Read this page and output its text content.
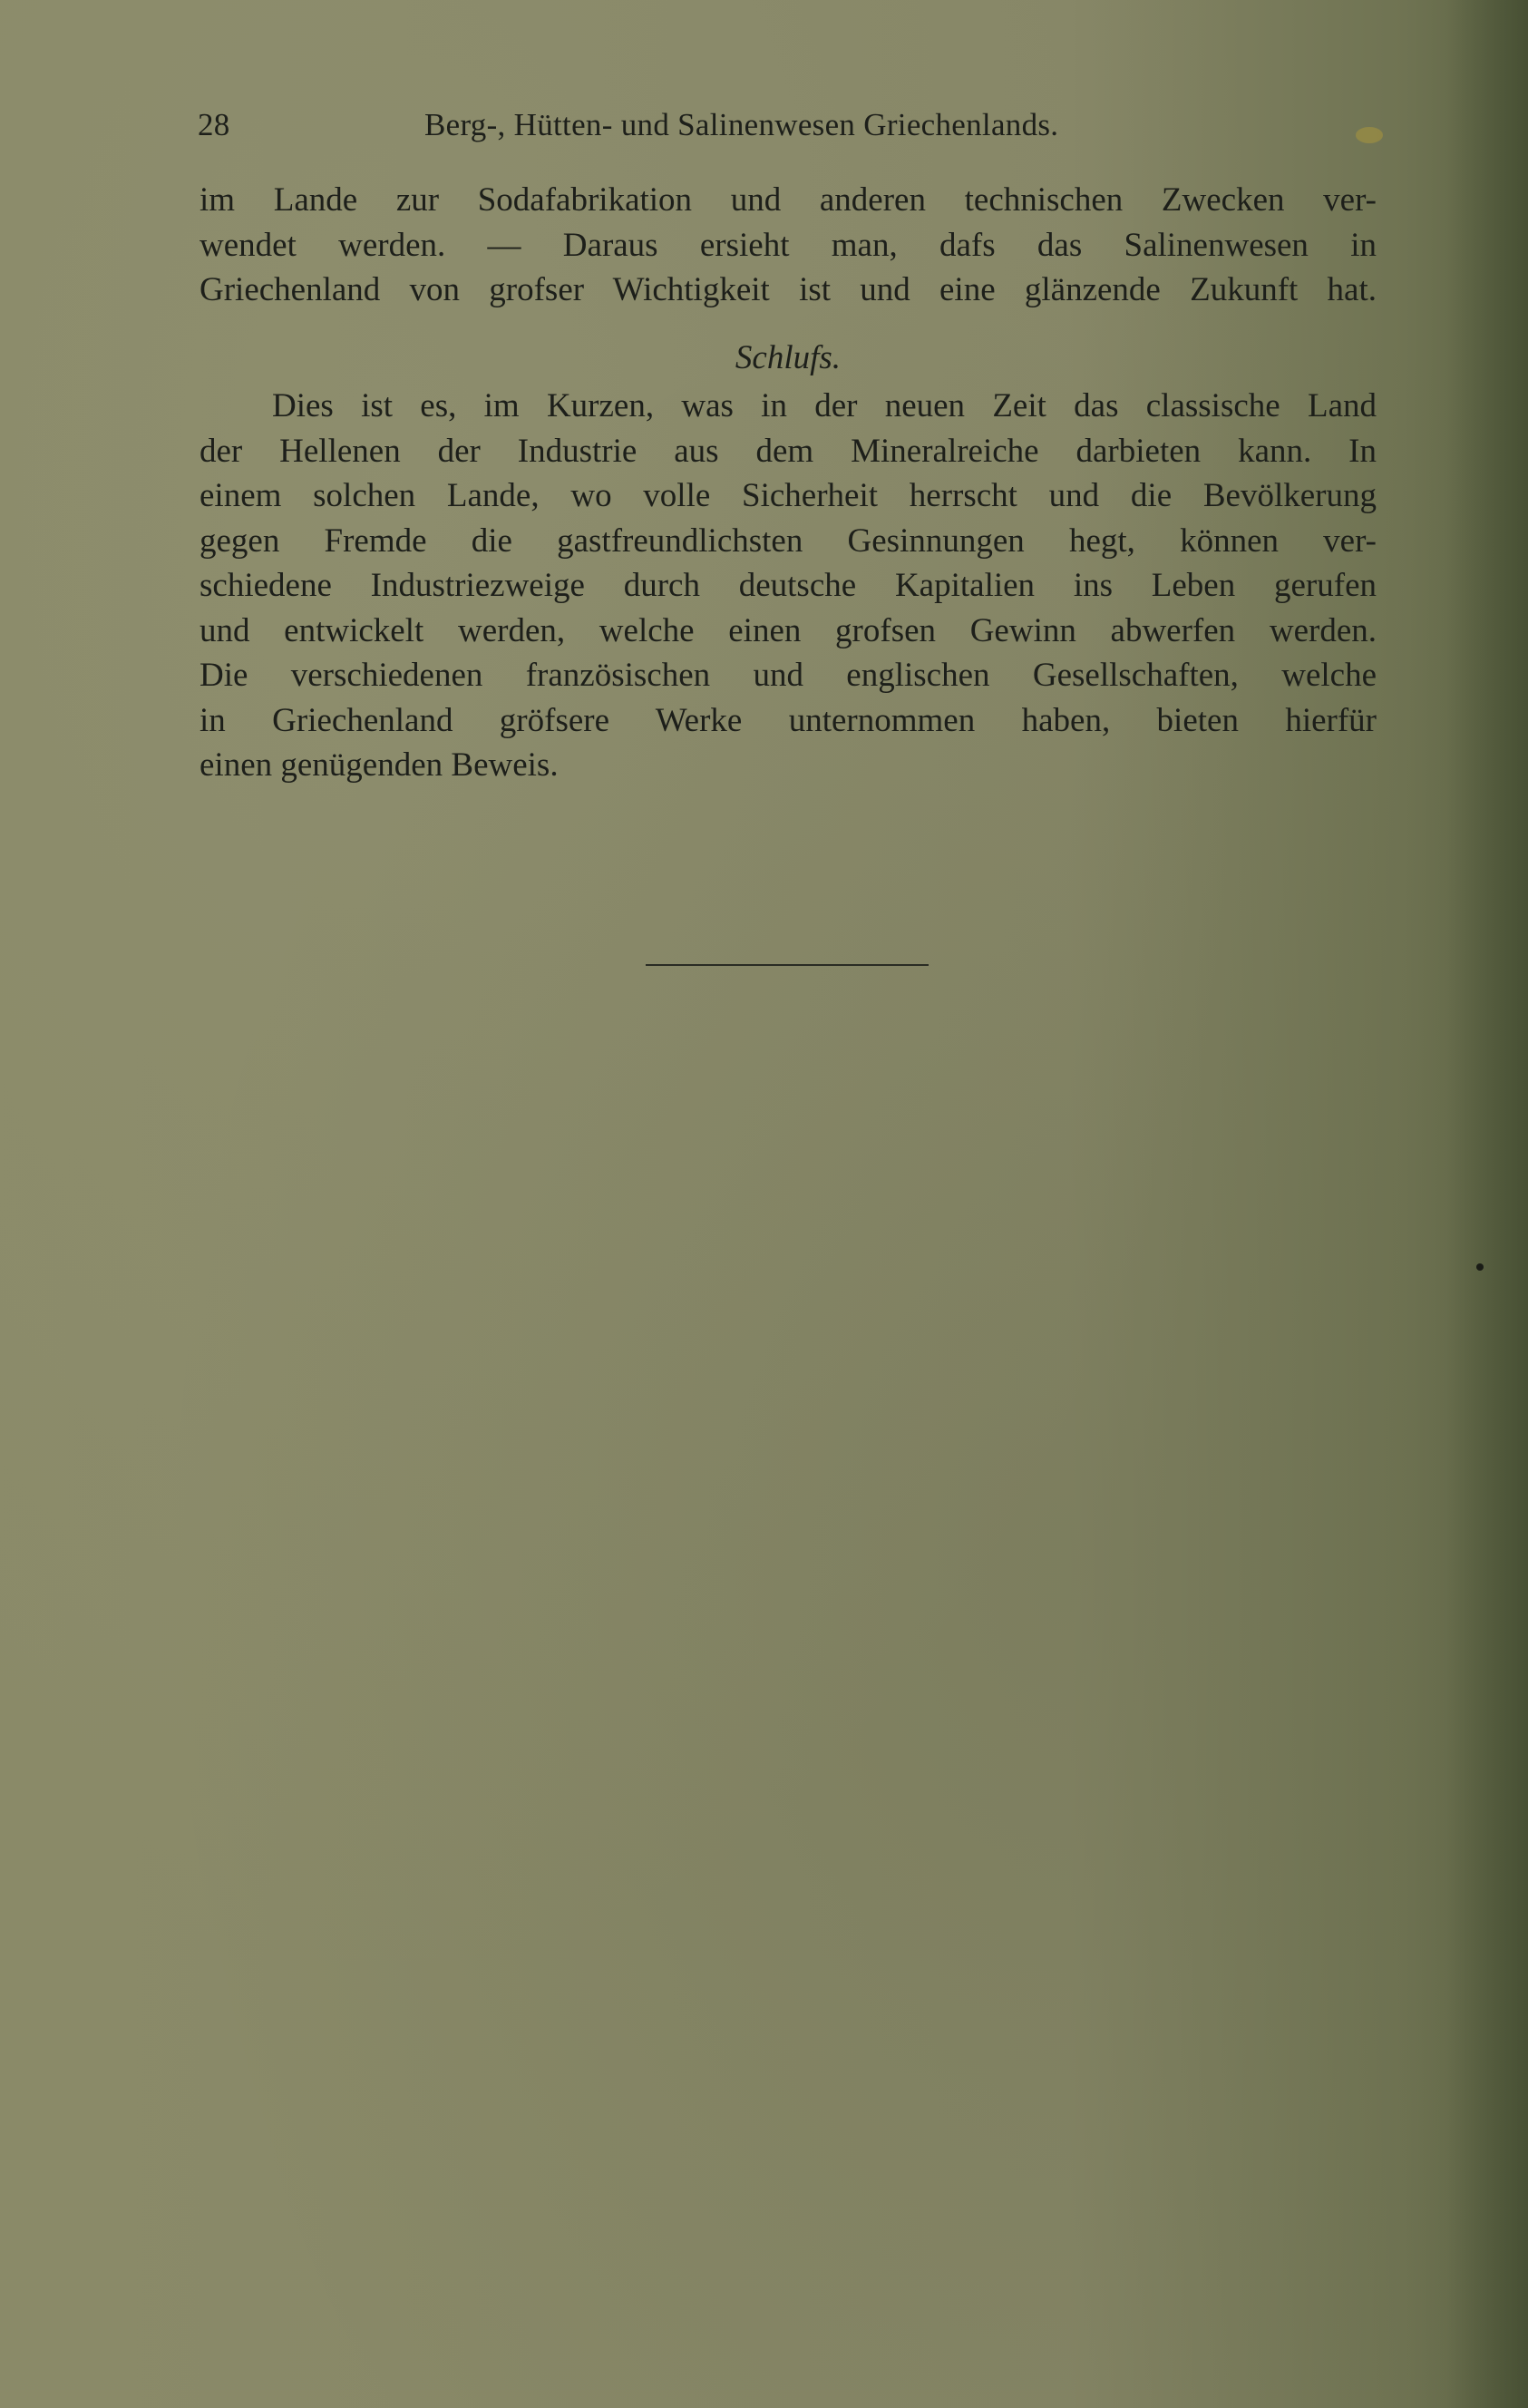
28	Berg-, Hütten- und Salinenwesen Griechenlands.
im Lande zur Sodafabrikation und anderen technischen Zwecken ver-
wendet werden. — Daraus ersieht man, dafs das Salinenwesen in
Griechenland von grofser Wichtigkeit ist und eine glänzende Zukunft hat.
Schlufs.
Dies ist es, im Kurzen, was in der neuen Zeit das classische Land
der Hellenen der Industrie aus dem Mineralreiche darbieten kann. In
einem solchen Lande, wo volle Sicherheit herrscht und die Bevölkerung
gegen Fremde die gastfreundlichsten Gesinnungen hegt, können ver-
schiedene Industriezweige durch deutsche Kapitalien ins Leben gerufen
und entwickelt werden, welche einen grofsen Gewinn abwerfen werden.
Die verschiedenen französischen und englischen Gesellschaften, welche
in Griechenland gröfsere Werke unternommen haben, bieten hierfür
einen genügenden Beweis.
